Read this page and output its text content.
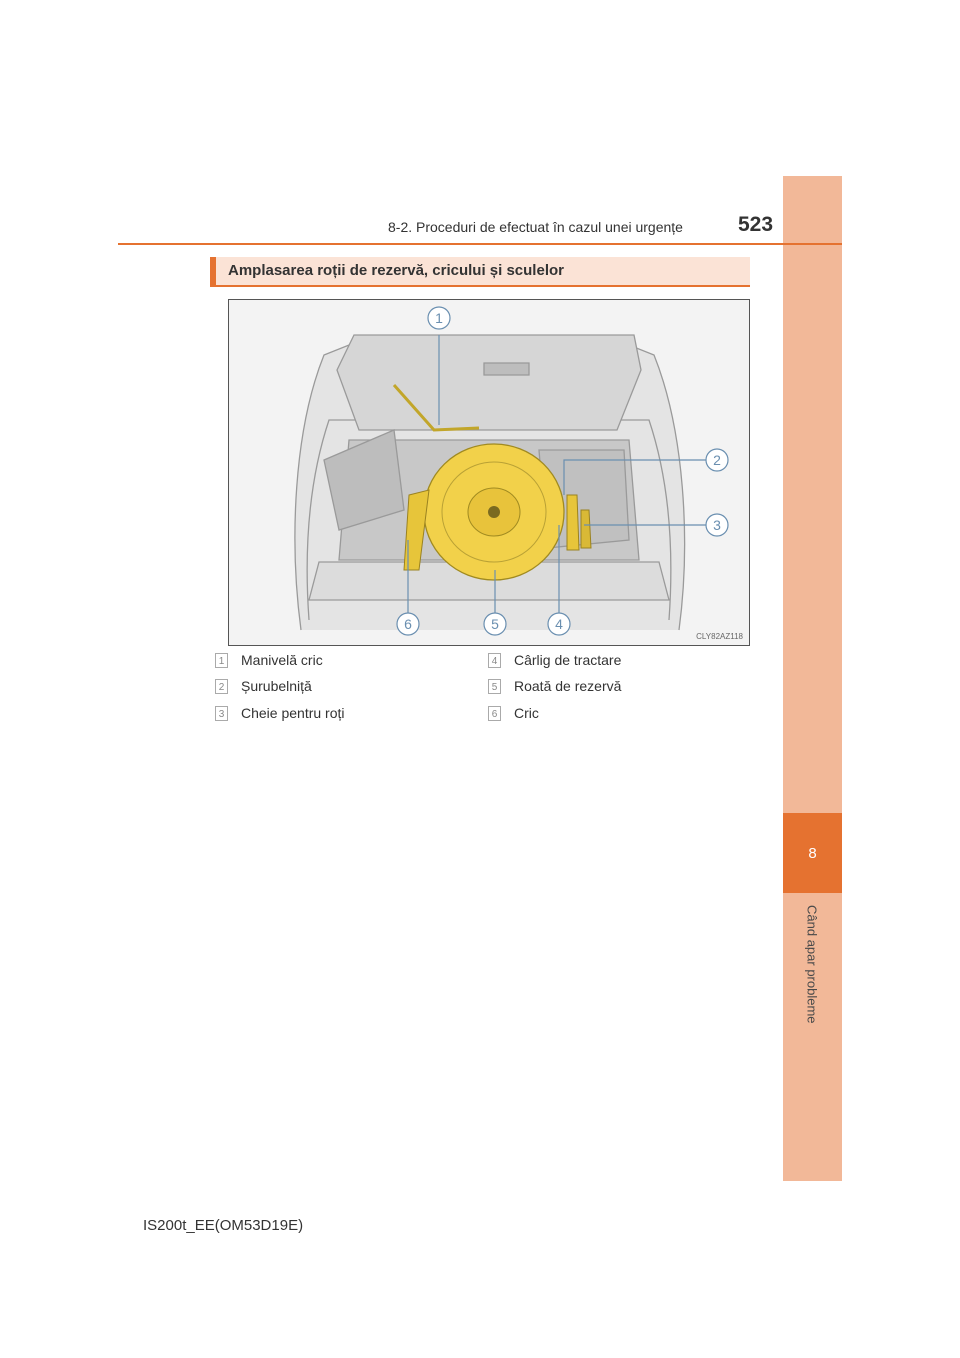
8
Când apar probleme
8-2. Proceduri de efectuat în cazul unei urgențe	523
Amplasarea roții de rezervă, cricului și sculelor
1
2
3
4
5
6
CLY82AZ118
1 Manivelă cric
2 Șurubelniță
3 Cheie pentru roți
4 Cârlig de tractare
5 Roată de rezervă
6 Cric
IS200t_EE(OM53D19E)
